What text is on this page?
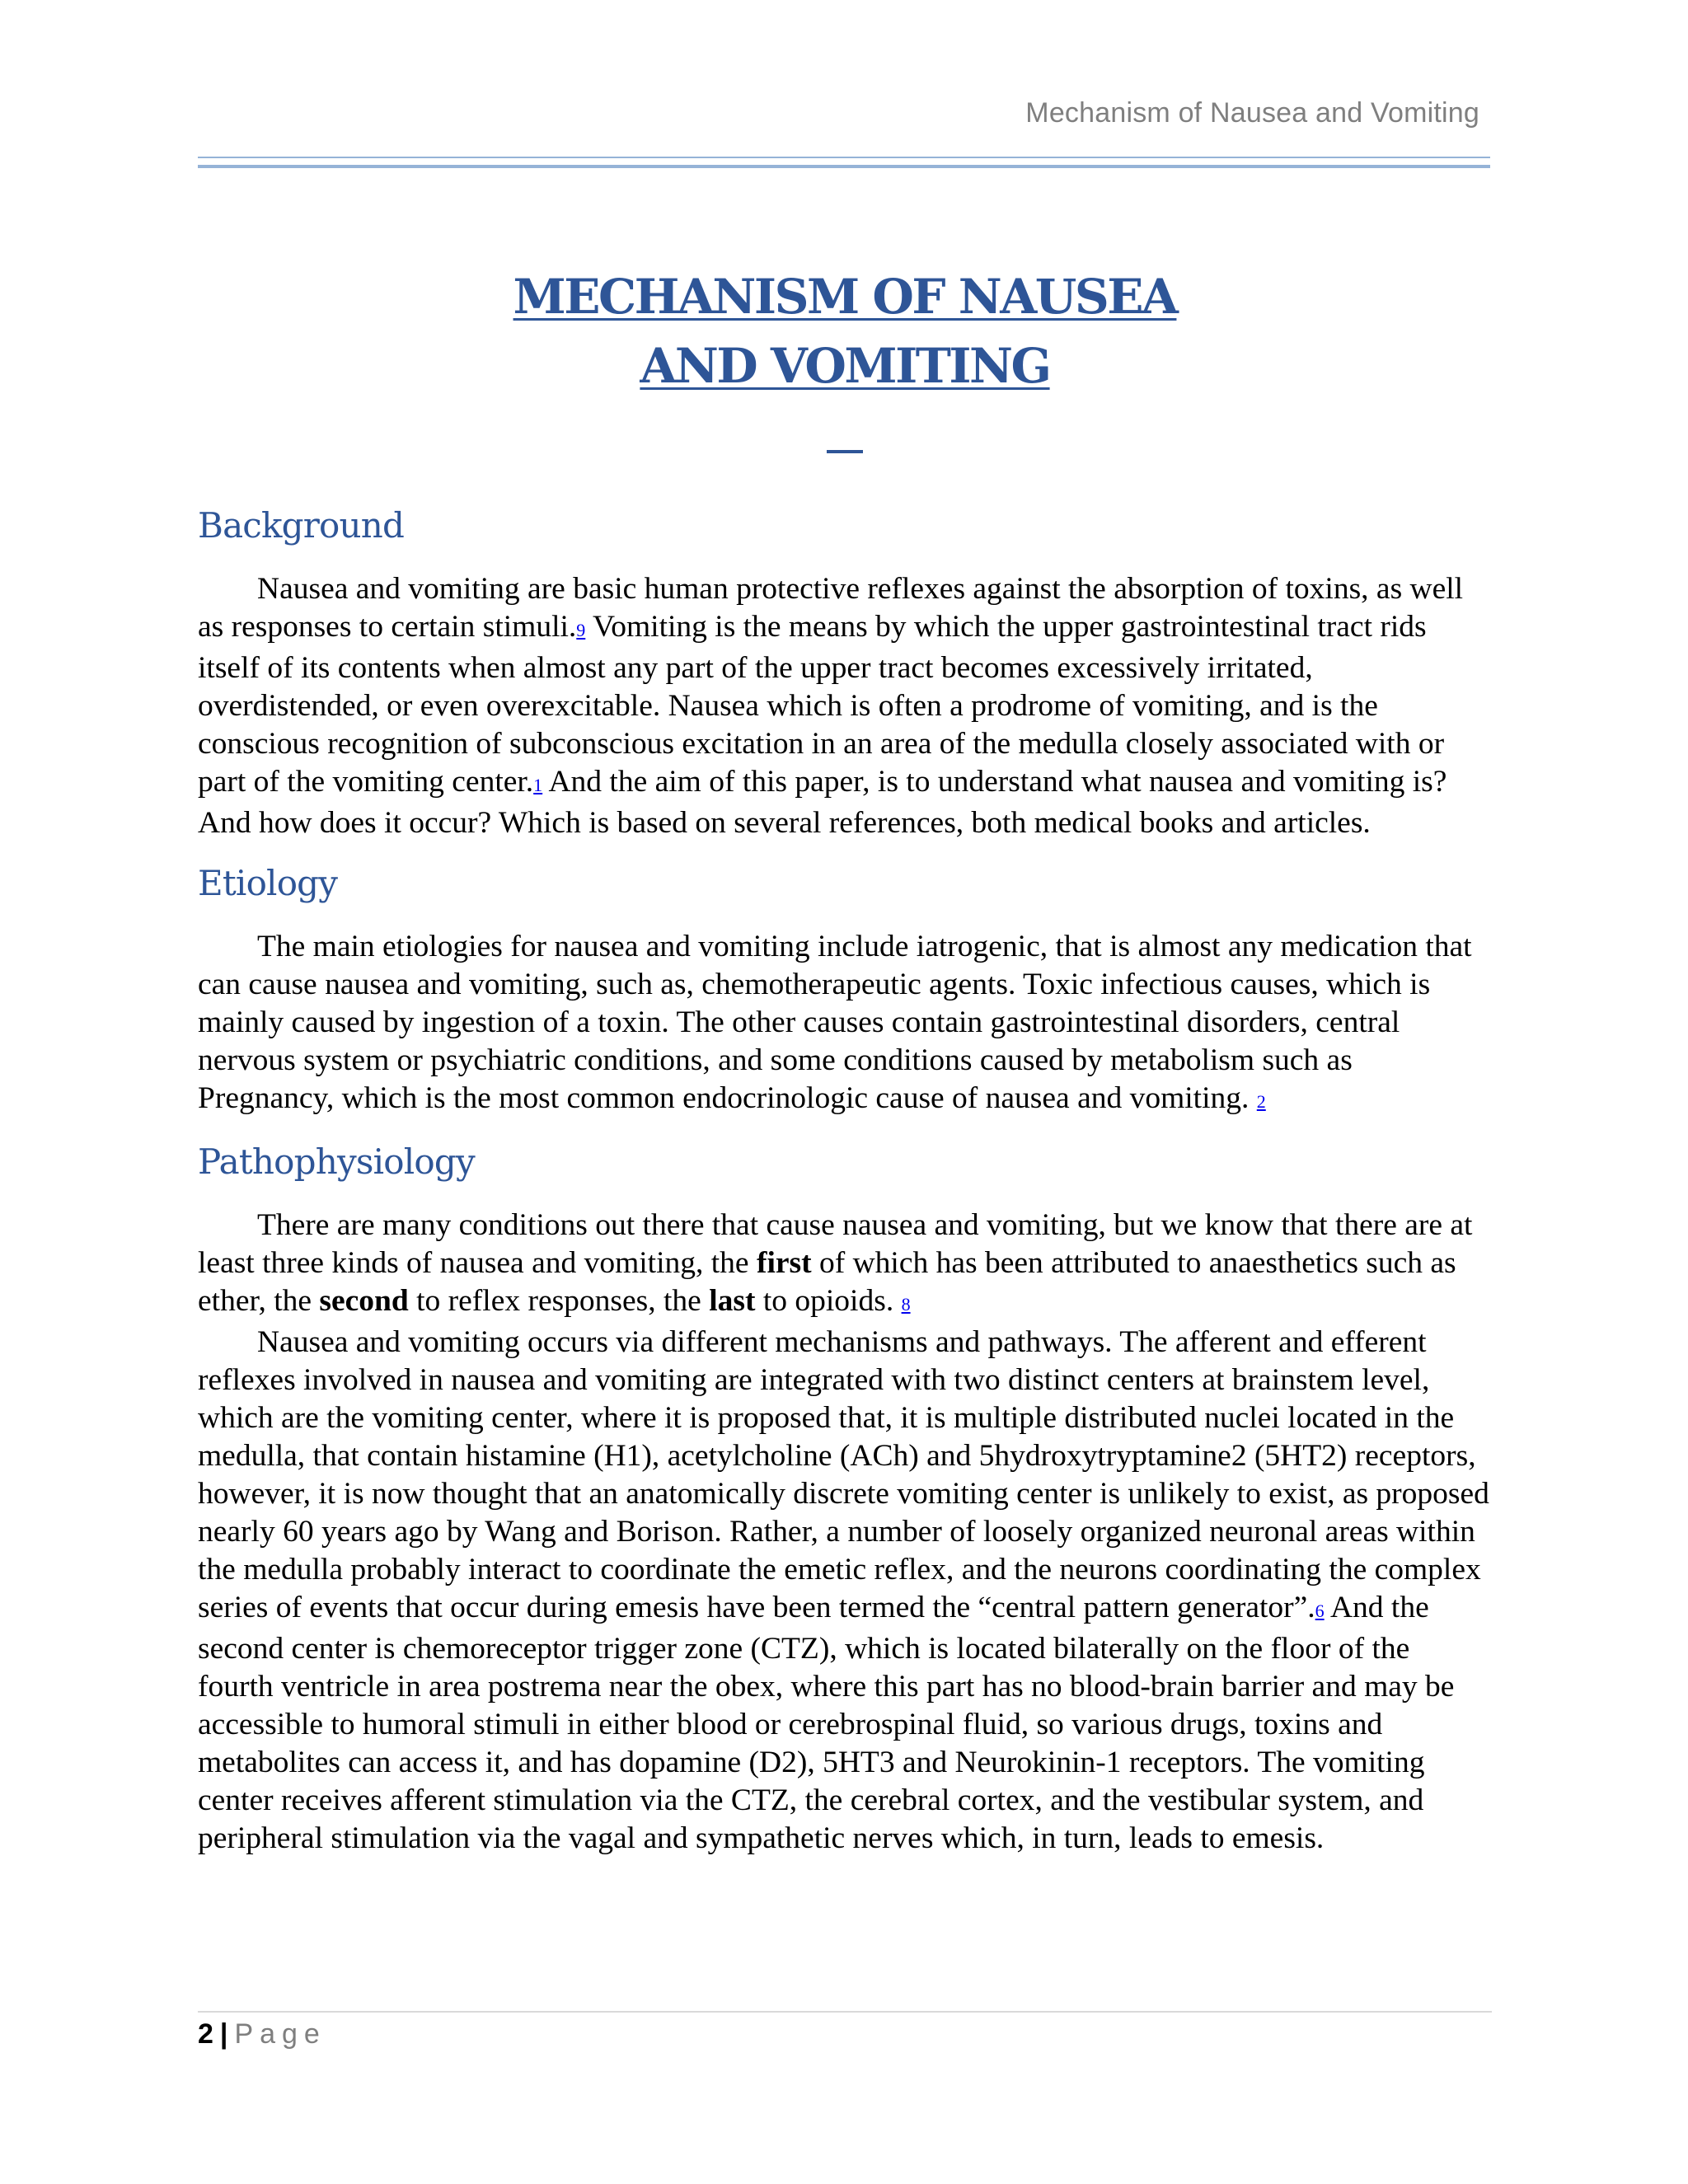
Mechanism of Nausea and Vomiting
MECHANISM OF NAUSEA
AND VOMITING
Background

Nausea and vomiting are basic human protective reflexes against the absorption of toxins, as well as responses to certain stimuli.9 Vomiting is the means by which the upper gastrointestinal tract rids itself of its contents when almost any part of the upper tract becomes excessively irritated, overdistended, or even overexcitable. Nausea which is often a prodrome of vomiting, and is the conscious recognition of subconscious excitation in an area of the medulla closely associated with or part of the vomiting center.1 And the aim of this paper, is to understand what nausea and vomiting is? And how does it occur? Which is based on several references, both medical books and articles.

Etiology

The main etiologies for nausea and vomiting include iatrogenic, that is almost any medication that can cause nausea and vomiting, such as, chemotherapeutic agents. Toxic infectious causes, which is mainly caused by ingestion of a toxin. The other causes contain gastrointestinal disorders, central nervous system or psychiatric conditions, and some conditions caused by metabolism such as Pregnancy, which is the most common endocrinologic cause of nausea and vomiting. 2

Pathophysiology

There are many conditions out there that cause nausea and vomiting, but we know that there are at least three kinds of nausea and vomiting, the first of which has been attributed to anaesthetics such as ether, the second to reflex responses, the last to opioids. 8

Nausea and vomiting occurs via different mechanisms and pathways. The afferent and efferent reflexes involved in nausea and vomiting are integrated with two distinct centers at brainstem level, which are the vomiting center, where it is proposed that, it is multiple distributed nuclei located in the medulla, that contain histamine (H1), acetylcholine (ACh) and 5hydroxytryptamine2 (5HT2) receptors, however, it is now thought that an anatomically discrete vomiting center is unlikely to exist, as proposed nearly 60 years ago by Wang and Borison. Rather, a number of loosely organized neuronal areas within the medulla probably interact to coordinate the emetic reflex, and the neurons coordinating the complex series of events that occur during emesis have been termed the “central pattern generator”.6 And the second center is chemoreceptor trigger zone (CTZ), which is located bilaterally on the floor of the fourth ventricle in area postrema near the obex, where this part has no blood-brain barrier and may be accessible to humoral stimuli in either blood or cerebrospinal fluid, so various drugs, toxins and metabolites can access it, and has dopamine (D2), 5HT3 and Neurokinin-1 receptors. The vomiting center receives afferent stimulation via the CTZ, the cerebral cortex, and the vestibular system, and peripheral stimulation via the vagal and sympathetic nerves which, in turn, leads to emesis.

2 | Page
